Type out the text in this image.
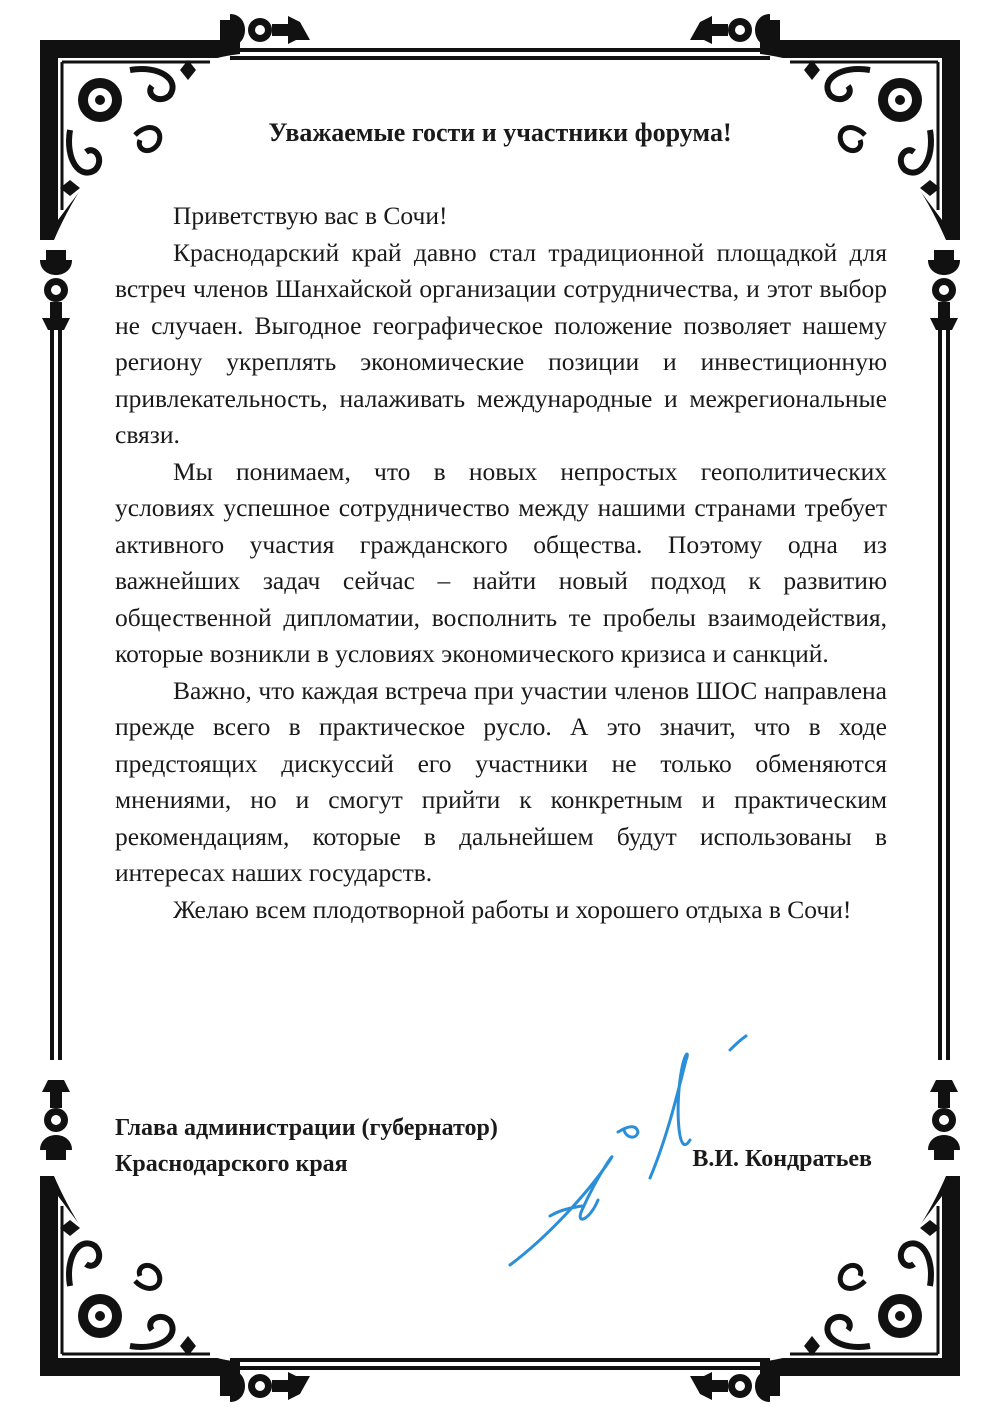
Уважаемые гости и участники форума!

Приветствую вас в Сочи!

Краснодарский край давно стал традиционной площадкой для встреч членов Шанхайской организации сотрудничества, и этот выбор не случаен. Выгодное географическое положение позволяет нашему региону укреплять экономические позиции и инвестиционную привлекательность, налаживать международные и межрегиональные связи.

Мы понимаем, что в новых непростых геополитических условиях успешное сотрудничество между нашими странами требует активного участия гражданского общества. Поэтому одна из важнейших задач сейчас – найти новый подход к развитию общественной дипломатии, восполнить те пробелы взаимодействия, которые возникли в условиях экономического кризиса и санкций.

Важно, что каждая встреча при участии членов ШОС направлена прежде всего в практическое русло. А это значит, что в ходе предстоящих дискуссий его участники не только обменяются мнениями, но и смогут прийти к конкретным и практическим рекомендациям, которые в дальнейшем будут использованы в интересах наших государств.

Желаю всем плодотворной работы и хорошего отдыха в Сочи!

Глава администрации (губернатор)
Краснодарского края	В.И. Кондратьев
